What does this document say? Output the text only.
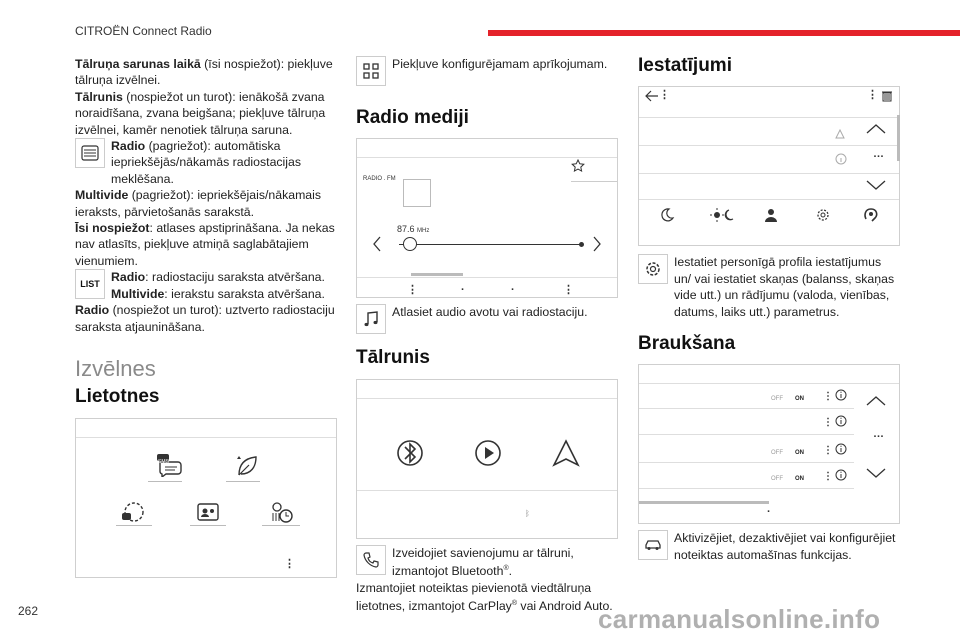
CITROËN Connect Radio
Tālruņa sarunas laikā (īsi nospiežot): piekļuve tālruņa izvēlnei.
Tālrunis (nospiežot un turot): ienākošā zvana noraidīšana, zvana beigšana; piekļuve tālruņa izvēlnei, kamēr nenotiek tālruņa saruna.
Radio (pagriežot): automātiska iepriekšējās/nākamās radiostacijas meklēšana.
Multivide (pagriežot): iepriekšējais/nākamais ieraksts, pārvietošanās sarakstā.
Īsi nospiežot: atlases apstiprināšana. Ja nekas nav atlasīts, piekļuve atmiņā saglabātajiem vienumiem.
LIST Radio: radiostaciju saraksta atvēršana.
Multivide: ierakstu saraksta atvēršana.
Radio (nospiežot un turot): uztverto radiostaciju saraksta atjaunināšana.
Izvēlnes
Lietotnes
SMS
⋮
Piekļuve konfigurējamam aprīkojumam.
Radio mediji
RADIO . FM
87.6 MHz
⋮	·	·	⋮
Atlasiet audio avotu vai radiostaciju.
Tālrunis
ᛒ
Izveidojiet savienojumu ar tālruni, izmantojot Bluetooth®.
Izmantojiet noteiktas pievienotā viedtālruņa lietotnes, izmantojot CarPlay® vai Android Auto.
Iestatījumi
⋮	⋮
…
Iestatiet personīgā profila iestatījumus un/ vai iestatiet skaņas (balanss, skaņas vide utt.) un rādījumu (valoda, vienības, datums, laiks utt.) parametrus.
Braukšana
OFF ON ⋮
⋮
OFF ON ⋮
OFF ON ⋮
…
·
Aktivizējiet, dezaktivējiet vai konfigurējiet noteiktas automašīnas funkcijas.
262	carmanualsonline.info
